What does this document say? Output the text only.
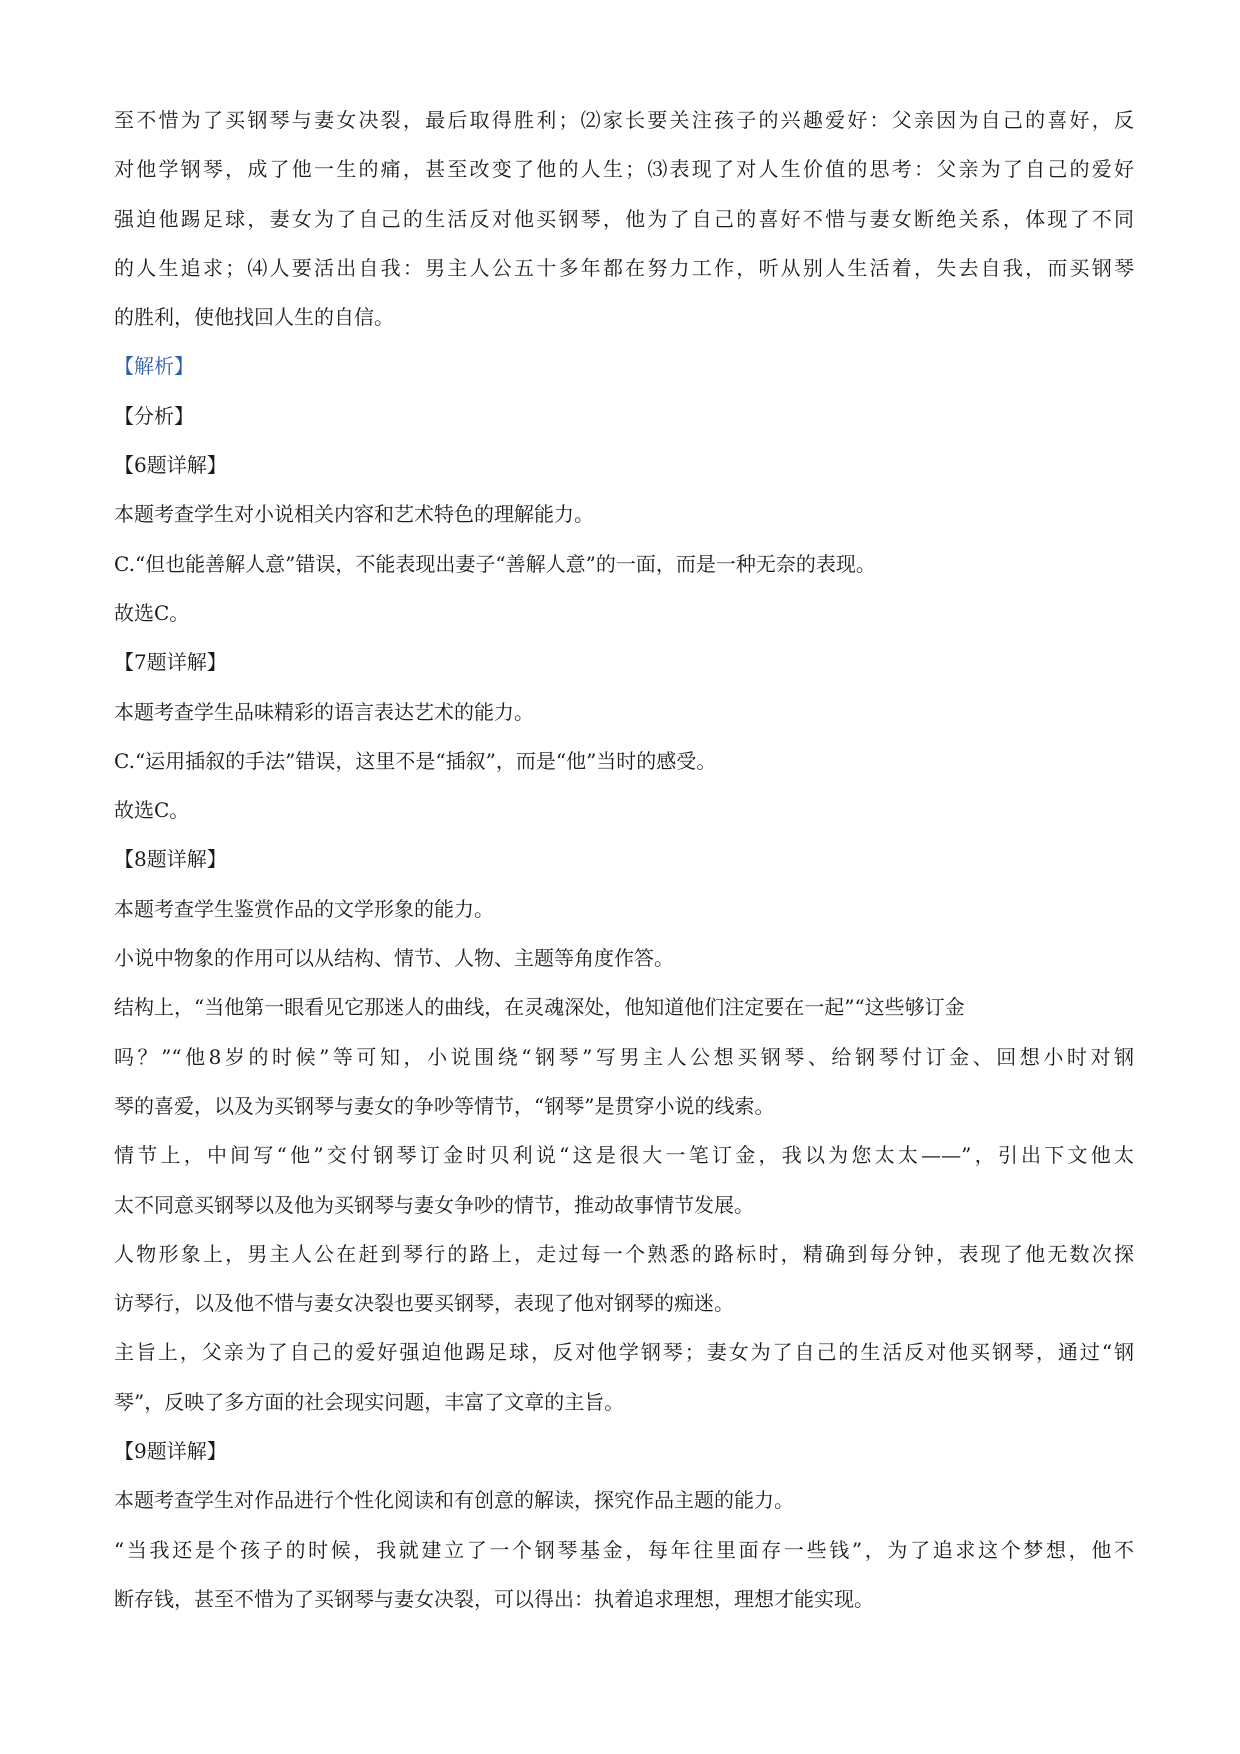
至不惜为了买钢琴与妻女决裂，最后取得胜利；⑵家长要关注孩子的兴趣爱好：父亲因为自己的喜好，反
对他学钢琴，成了他一生的痛，甚至改变了他的人生；⑶表现了对人生价值的思考：父亲为了自己的爱好
强迫他踢足球，妻女为了自己的生活反对他买钢琴，他为了自己的喜好不惜与妻女断绝关系，体现了不同
的人生追求；⑷人要活出自我：男主人公五十多年都在努力工作，听从别人生活着，失去自我，而买钢琴
的胜利，使他找回人生的自信。
【解析】
【分析】
【6题详解】
本题考查学生对小说相关内容和艺术特色的理解能力。
C.“但也能善解人意”错误，不能表现出妻子“善解人意”的一面，而是一种无奈的表现。
故选C。
【7题详解】
本题考查学生品味精彩的语言表达艺术的能力。
C.“运用插叙的手法”错误，这里不是“插叙”，而是“他”当时的感受。
故选C。
【8题详解】
本题考查学生鉴赏作品的文学形象的能力。
小说中物象的作用可以从结构、情节、人物、主题等角度作答。
结构上，“当他第一眼看见它那迷人的曲线，在灵魂深处，他知道他们注定要在一起”“这些够订金
吗？”“他8岁的时候”等可知，小说围绕“钢琴”写男主人公想买钢琴、给钢琴付订金、回想小时对钢
琴的喜爱，以及为买钢琴与妻女的争吵等情节，“钢琴”是贯穿小说的线索。
情节上，中间写“他”交付钢琴订金时贝利说“这是很大一笔订金，我以为您太太——”，引出下文他太
太不同意买钢琴以及他为买钢琴与妻女争吵的情节，推动故事情节发展。
人物形象上，男主人公在赶到琴行的路上，走过每一个熟悉的路标时，精确到每分钟，表现了他无数次探
访琴行，以及他不惜与妻女决裂也要买钢琴，表现了他对钢琴的痴迷。
主旨上，父亲为了自己的爱好强迫他踢足球，反对他学钢琴；妻女为了自己的生活反对他买钢琴，通过“钢
琴”，反映了多方面的社会现实问题，丰富了文章的主旨。
【9题详解】
本题考查学生对作品进行个性化阅读和有创意的解读，探究作品主题的能力。
“当我还是个孩子的时候，我就建立了一个钢琴基金，每年往里面存一些钱”，为了追求这个梦想，他不
断存钱，甚至不惜为了买钢琴与妻女决裂，可以得出：执着追求理想，理想才能实现。
